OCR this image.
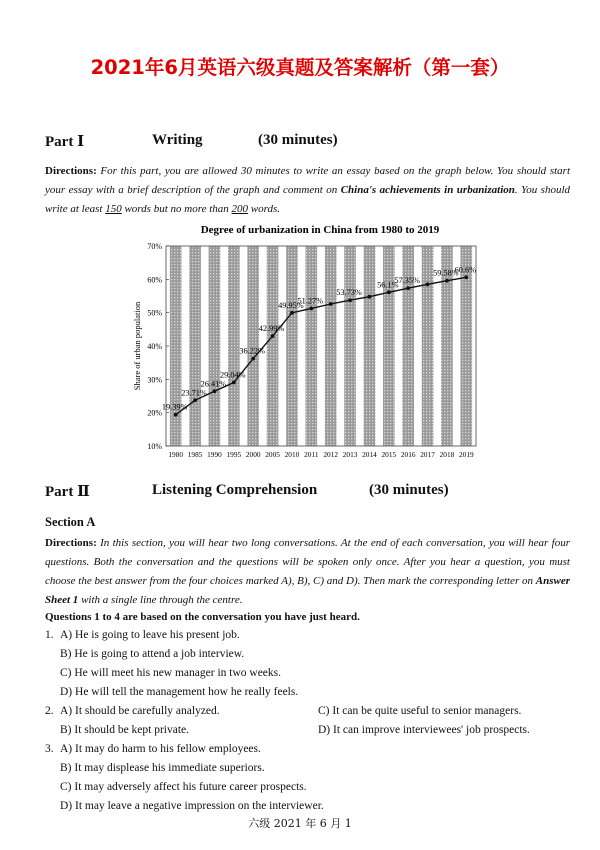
2021年6月英语六级真题及答案解析（第一套）
Part Ⅰ	Writing	(30 minutes)
Directions: For this part, you are allowed 30 minutes to write an essay based on the graph below. You should start your essay with a brief description of the graph and comment on China's achievements in urbanization. You should write at least 150 words but no more than 200 words.
Degree of urbanization in China from 1980 to 2019
10%
20%
30%
40%
50%
60%
70%
1980 1985 1990 1995 2000 2005 2010 2011 2012 2013 2014 2015 2016 2017 2018 2019
19.39%
23.71%
26.41%
29.04%
36.22%
42.99%
49.95%
51.27%
53.73%
56.1%
57.35%
59.58%
60.6%
Share of urban population
Part Ⅱ	Listening Comprehension	(30 minutes)
Section A
Directions: In this section, you will hear two long conversations. At the end of each conversation, you will hear four questions. Both the conversation and the questions will be spoken only once. After you hear a question, you must choose the best answer from the four choices marked A), B), C) and D). Then mark the corresponding letter on Answer Sheet 1 with a single line through the centre.
Questions 1 to 4 are based on the conversation you have just heard.
1. A) He is going to leave his present job.
B) He is going to attend a job interview.
C) He will meet his new manager in two weeks.
D) He will tell the management how he really feels.
2. A) It should be carefully analyzed.	C) It can be quite useful to senior managers.
B) It should be kept private.	D) It can improve interviewees' job prospects.
3. A) It may do harm to his fellow employees.
B) It may displease his immediate superiors.
C) It may adversely affect his future career prospects.
D) It may leave a negative impression on the interviewer.
六级 2021 年 6 月 1
